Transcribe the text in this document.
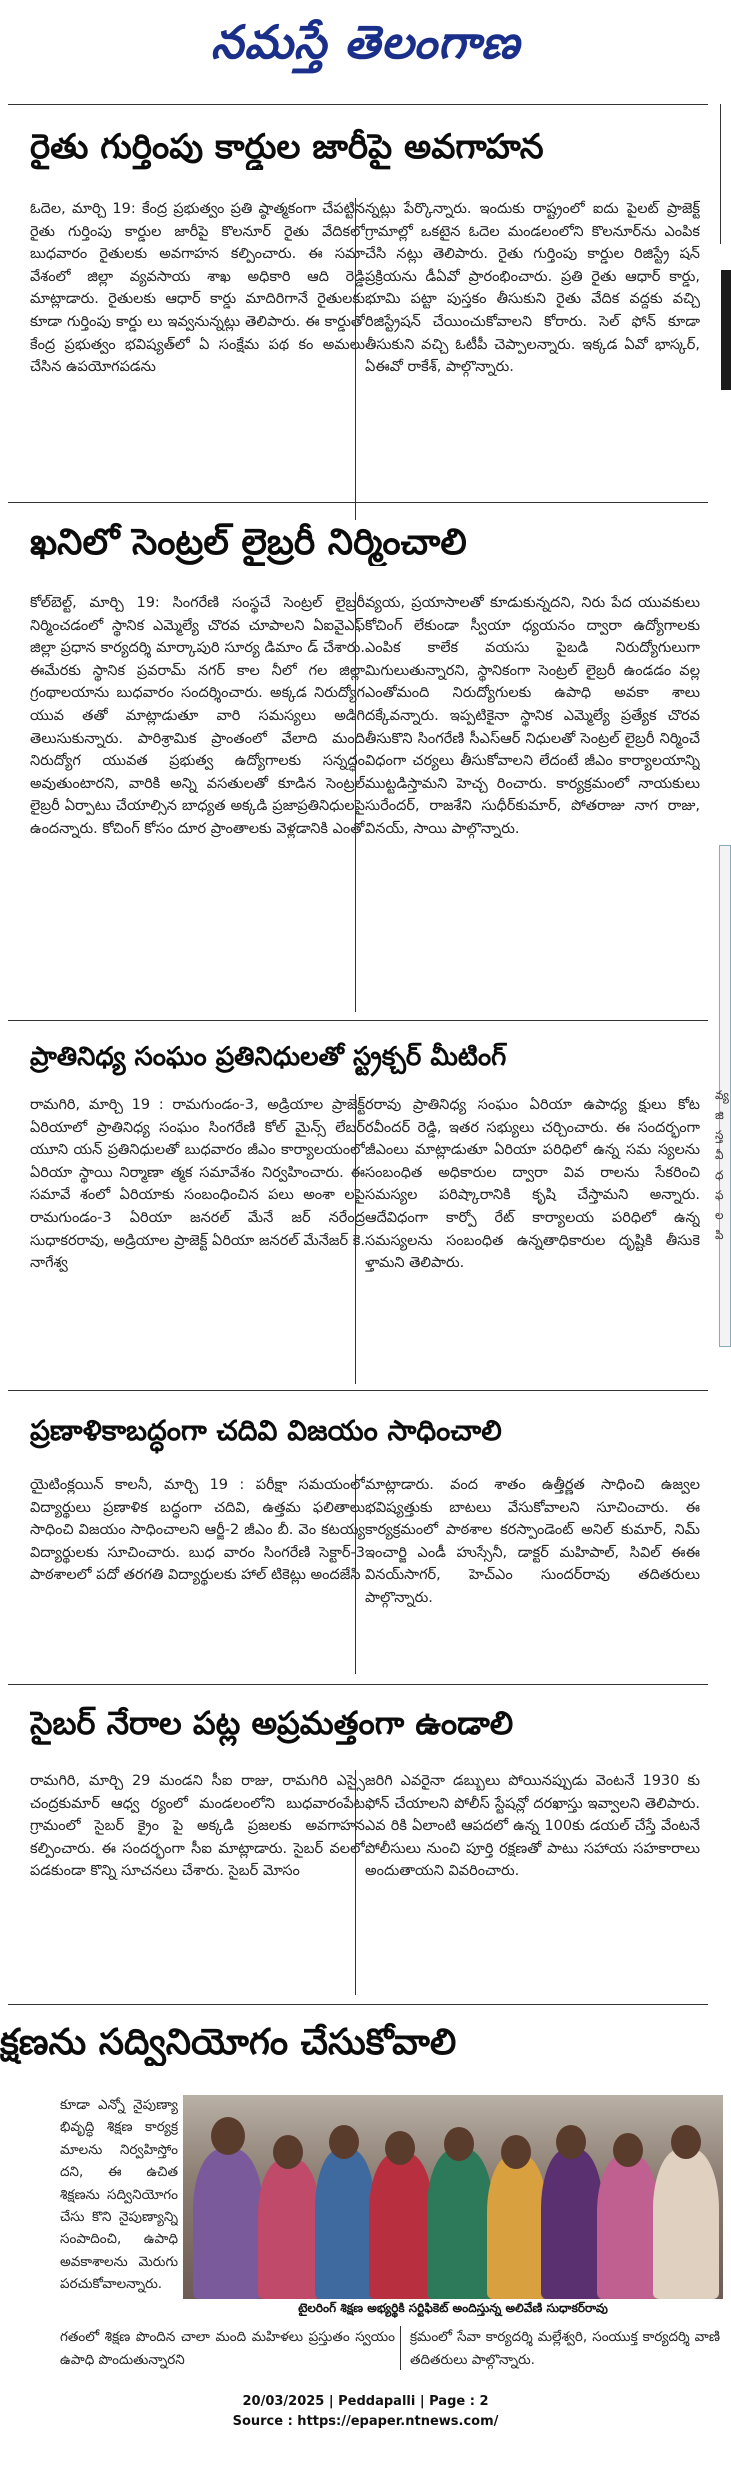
నమస్తే తెలంగాణ
వ్య
జి
స్త
వీ
ధ
ఫ
ల
పి
రైతు గుర్తింపు కార్డుల జారీపై అవగాహన
ఓదెల, మార్చి 19: కేంద్ర ప్రభుత్వం ప్రతి ష్ఠాత్మకంగా చేపట్టిన రైతు గుర్తింపు కార్డుల జారీపై కొలనూర్ రైతు వేదికలో బుధవారం రైతులకు అవగాహన కల్పించారు. ఈ సమా వేశంలో జిల్లా వ్యవసాయ శాఖ అధికారి ఆది రెడ్డి మాట్లాడారు. రైతులకు ఆధార్ కార్డు మాదిరిగానే రైతులకు కూడా గుర్తింపు కార్డు లు ఇవ్వనున్నట్లు తెలిపారు. ఈ కార్డుతో కేంద్ర ప్రభుత్వం భవిష్యత్‌లో ఏ సంక్షేమ పథ కం అమలు చేసిన ఉపయోగపడను
న్నట్లు పేర్కొన్నారు. ఇందుకు రాష్ట్రంలో ఐదు పైలట్ ప్రాజెక్ట్ గ్రామాల్లో ఒకటైన ఓదెల మండలంలోని కొలనూర్‌ను ఎంపిక చేసి నట్లు తెలిపారు. రైతు గుర్తింపు కార్డుల రిజిస్ట్రే షన్ ప్రక్రియను డీఏవో ప్రారంభించారు. ప్రతి రైతు ఆధార్ కార్డు, భూమి పట్టా పుస్తకం తీసుకుని రైతు వేదిక వద్దకు వచ్చి రిజిస్ట్రేషన్ చేయించుకోవాలని కోరారు. సెల్ ఫోన్ కూడా తీసుకుని వచ్చి ఓటీపీ చెప్పాలన్నారు. ఇక్కడ ఏవో భాస్కర్, ఏఈవో రాకేశ్, పాల్గొన్నారు.
ఖనిలో సెంట్రల్ లైబ్రరీ నిర్మించాలి
కోల్‌బెల్ట్, మార్చి 19: సింగరేణి సంస్థచే సెంట్రల్ లైబ్రరీ నిర్మించడంలో స్థానిక ఎమ్మెల్యే చొరవ చూపాలని ఏఐవైఎఫ్ జిల్లా ప్రధాన కార్యదర్శి మార్కాపురి సూర్య డిమాం డ్ చేశారు. ఈమేరకు స్థానిక ప్రవరామ్‌ నగర్ కాల నీలో గల జిల్లా గ్రంథాలయాను బుధవారం సందర్శించారు. అక్కడ నిరుద్యోగ యువ తతో మాట్లాడుతూ వారి సమస్యలు అడిగి తెలుసుకున్నారు. పారిశ్రామిక ప్రాంతంలో వేలాది మంది నిరుద్యోగ యువత ప్రభుత్వ ఉద్యోగాలకు సన్నద్ధం అవుతుంటారని, వారికి అన్ని వసతులతో కూడిన సెంట్రల్ లైబ్రరీ ఏర్పాటు చేయాల్సిన బాధ్యత అక్కడి ప్రజాప్రతినిధులపై ఉందన్నారు. కోచింగ్ కోసం దూర ప్రాంతాలకు వెళ్లడానికి ఎంతో
వ్యయ, ప్రయాసాలతో కూడుకున్నదని, నిరు పేద యువకులు కోచింగ్ లేకుండా స్వీయా ధ్యయనం ద్వారా ఉద్యోగాలకు ఎంపిక కాలేక వయసు పైబడి నిరుద్యోగులుగా మిగులుతున్నారని, స్థానికంగా సెంట్రల్ లైబ్రరీ ఉండడం వల్ల ఎంతోమంది నిరుద్యోగులకు ఉపాధి అవకా శాలు దక్కేవన్నారు. ఇప్పటికైనా స్థానిక ఎమ్మెల్యే ప్రత్యేక చొరవ తీసుకొని సింగరేణి సీఎస్ఆర్ నిధులతో సెంట్రల్ లైబ్రరీ నిర్మించే విధంగా చర్యలు తీసుకోవాలని లేదంటే జీఎం కార్యాలయాన్ని ముట్టడిస్తామని హెచ్చ రించారు. కార్యక్రమంలో నాయకులు సురేందర్, రాజశేని సుధీర్‌కుమార్, పోతరాజు నాగ రాజు, వినయ్, సాయి పాల్గొన్నారు.
ప్రాతినిధ్య సంఘం ప్రతినిధులతో స్ట్రక్చర్ మీటింగ్
రామగిరి, మార్చి 19 : రామగుండం-3, అడ్రియాల ప్రాజెక్ట్ ఏరియాలో ప్రాతినిధ్య సంఘం సింగరేణి కోల్ మైన్స్ లేబర్ యూని యన్ ప్రతినిధులతో బుధవారం జీఎం కార్యాలయంలో ఏరియా స్థాయి నిర్మాణా త్మక సమావేశం నిర్వహించారు. ఈ సమావే శంలో ఏరియాకు సంబంధించిన పలు అంశా లపై రామగుండం-3 ఏరియా జనరల్ మేనే జర్ నరేంద్ర సుధాకరరావు, అడ్రియాల ప్రాజెక్ట్ ఏరియా జనరల్ మేనేజర్ కె. నాగేశ్వ
రరావు ప్రాతినిధ్య సంఘం ఏరియా ఉపాధ్య క్షులు కోట రవీందర్ రెడ్డి, ఇతర సభ్యులు చర్చించారు. ఈ సందర్భంగా జీఎంలు మాట్లాడుతూ ఏరియా పరిధిలో ఉన్న సమ స్యలను సంబంధిత అధికారుల ద్వారా వివ రాలను సేకరించి సమస్యల పరిష్కారానికి కృషి చేస్తామని అన్నారు. ఆదేవిధంగా కార్పో రేట్ కార్యాలయ పరిధిలో ఉన్న సమస్యలను సంబంధిత ఉన్నతాధికారుల దృష్టికి తీసుకె ళ్తామని తెలిపారు.
ప్రణాళికాబద్ధంగా చదివి విజయం సాధించాలి
యైటింక్లయిన్ కాలనీ, మార్చి 19 : పరీక్షా సమయంలో విద్యార్థులు ప్రణాళిక బద్ధంగా చదివి, ఉత్తమ ఫలితాలు సాధించి విజయం సాధించాలని ఆర్జీ-2 జీఎం బీ. వెం కటయ్య విద్యార్థులకు సూచించారు. బుధ వారం సింగరేణి సెక్టార్-3 పాఠశాలలో పదో తరగతి విద్యార్థులకు హాల్ టికెట్లు అందజేసి
మాట్లాడారు. వంద శాతం ఉత్తీర్ణత సాధించి ఉజ్వల భవిష్యత్తుకు బాటలు వేసుకోవాలని సూచించారు. ఈ కార్యక్రమంలో పాఠశాల కరస్పాండెంట్ అనిల్ కుమార్, నిమ్ ఇంచార్జి ఎండీ హుస్సేనీ, డాక్టర్ మహిపాల్, సివిల్ ఈఈ వినయ్‌సాగర్, హెచ్ఎం సుందర్‌రావు తదితరులు పాల్గొన్నారు.
సైబర్ నేరాల పట్ల అప్రమత్తంగా ఉండాలి
రామగిరి, మార్చి 29 మండని సీఐ రాజు, రామగిరి ఎస్సై చంద్రకుమార్ ఆధ్వ ర్యంలో మండలంలోని బుధవారంపేట గ్రామంలో సైబర్ క్రైం పై అక్కడి ప్రజలకు అవగాహన కల్పించారు. ఈ సందర్భంగా సీఐ మాట్లాడారు. సైబర్ వలలో పడకుండా కొన్ని సూచనలు చేశారు. సైబర్ మోసం
జరిగి ఎవరైనా డబ్బులు పోయినప్పుడు వెంటనే 1930 కు ఫోన్ చేయాలని పోలీస్ స్టేషన్లో దరఖాస్తు ఇవ్వాలని తెలిపారు. ఎవ రికి ఏలాంటి ఆపదలో ఉన్న 100కు డయల్ చేస్తే వేంటనే పోలీసులు నుంచి పూర్తి రక్షణతో పాటు సహాయ సహకారాలు అందుతాయని వివరించారు.
క్షణను సద్వినియోగం చేసుకోవాలి
కూడా ఎన్నో నైపుణ్యా భివృద్ధి శిక్షణ కార్యక్ర మాలను నిర్వహిస్తోం దని, ఈ ఉచిత శిక్షణను సద్వినియోగం చేసు కొని నైపుణ్యాన్ని సంపాదించి, ఉపాధి అవకాశాలను మెరుగు పరచుకోవాలన్నారు.
టైలరింగ్ శిక్షణ అభ్యర్థికి సర్టిఫికెట్ అందిస్తున్న అలివేణి సుధాకర్‌రావు
గతంలో శిక్షణ పొందిన చాలా మంది మహిళలు ప్రస్తుతం స్వయం ఉపాధి పొందుతున్నారని
క్రమంలో సేవా కార్యదర్శి మల్లేశ్వరి, సంయుక్త కార్యదర్శి వాణి తదితరులు పాల్గొన్నారు.
20/03/2025 | Peddapalli | Page : 2
Source : https://epaper.ntnews.com/
